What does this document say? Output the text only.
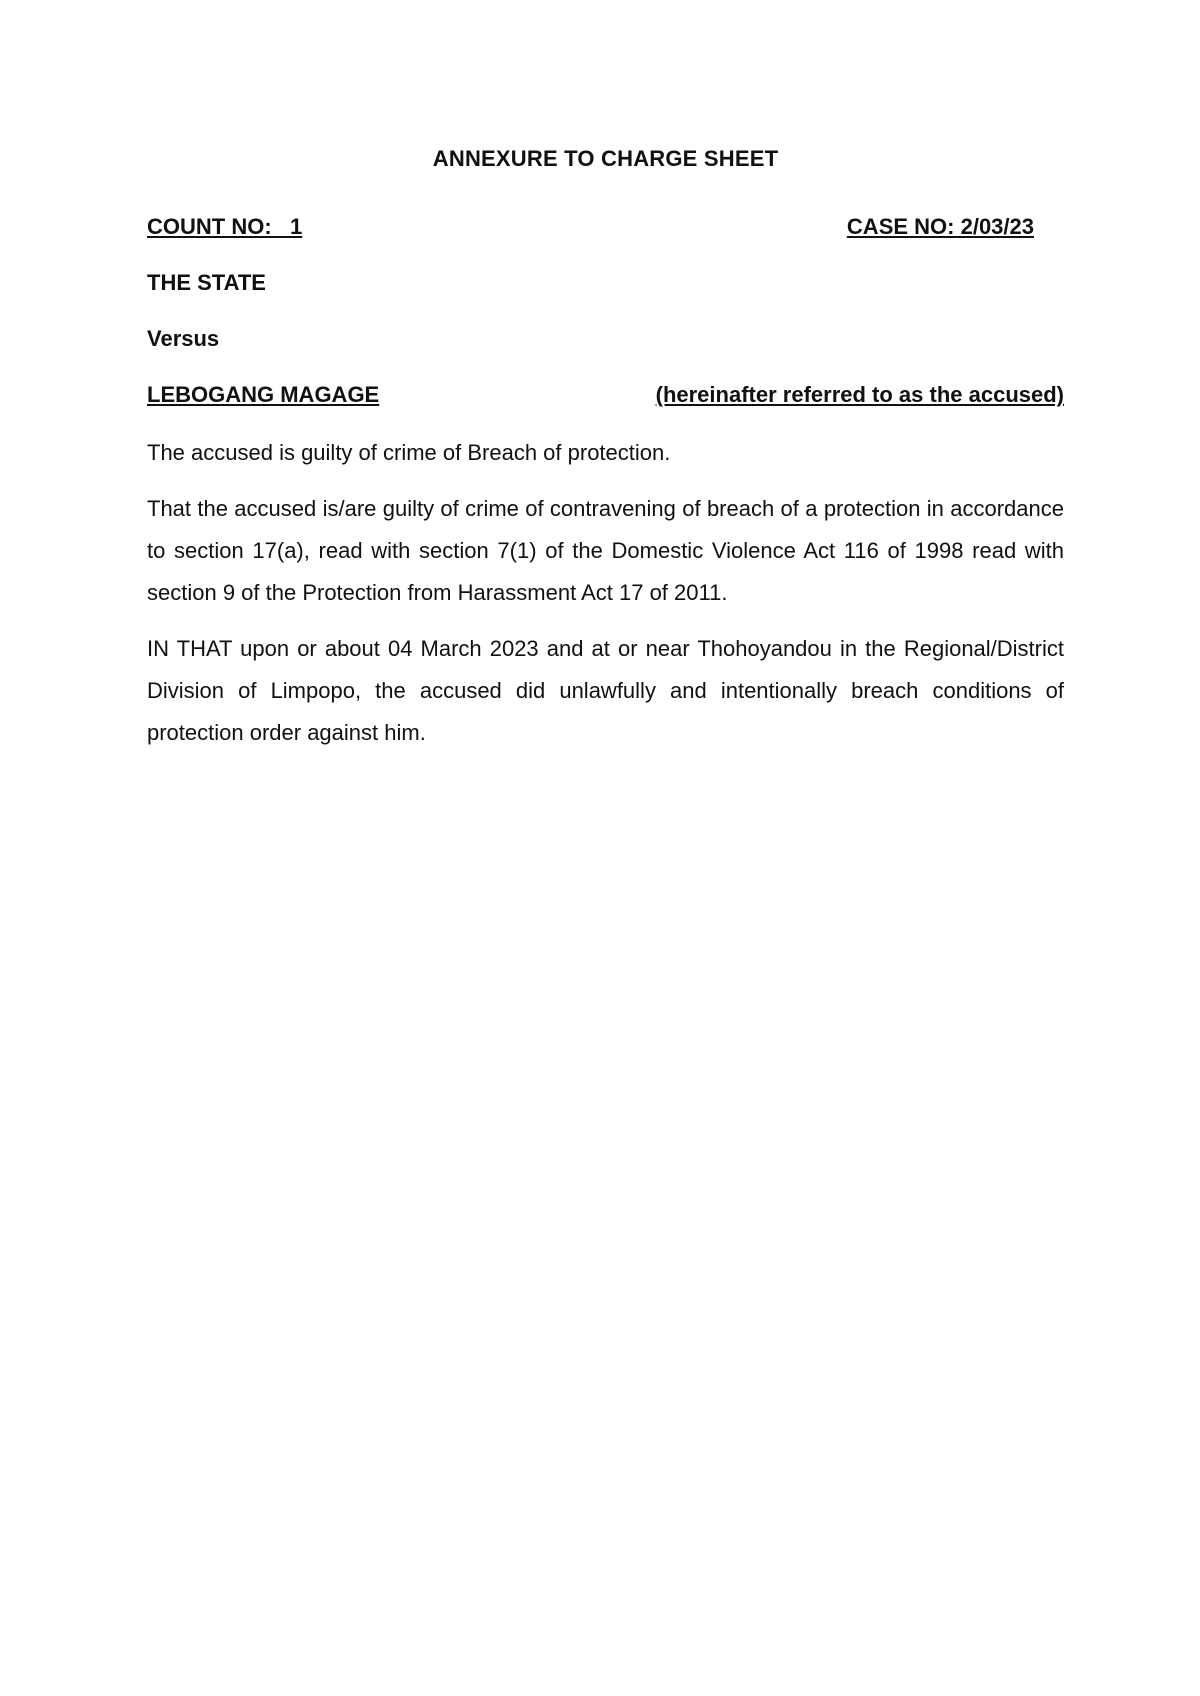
ANNEXURE TO CHARGE SHEET
COUNT NO:   1	CASE NO: 2/03/23
THE STATE
Versus
LEBOGANG MAGAGE	(hereinafter referred to as the accused)

The accused is guilty of crime of Breach of protection.

That the accused is/are guilty of crime of contravening of breach of a protection in accordance to section 17(a), read with section 7(1) of the Domestic Violence Act 116 of 1998 read with section 9 of the Protection from Harassment Act 17 of 2011.

IN THAT upon or about 04 March 2023 and at or near Thohoyandou in the Regional/District Division of Limpopo, the accused did unlawfully and intentionally breach conditions of protection order against him.
